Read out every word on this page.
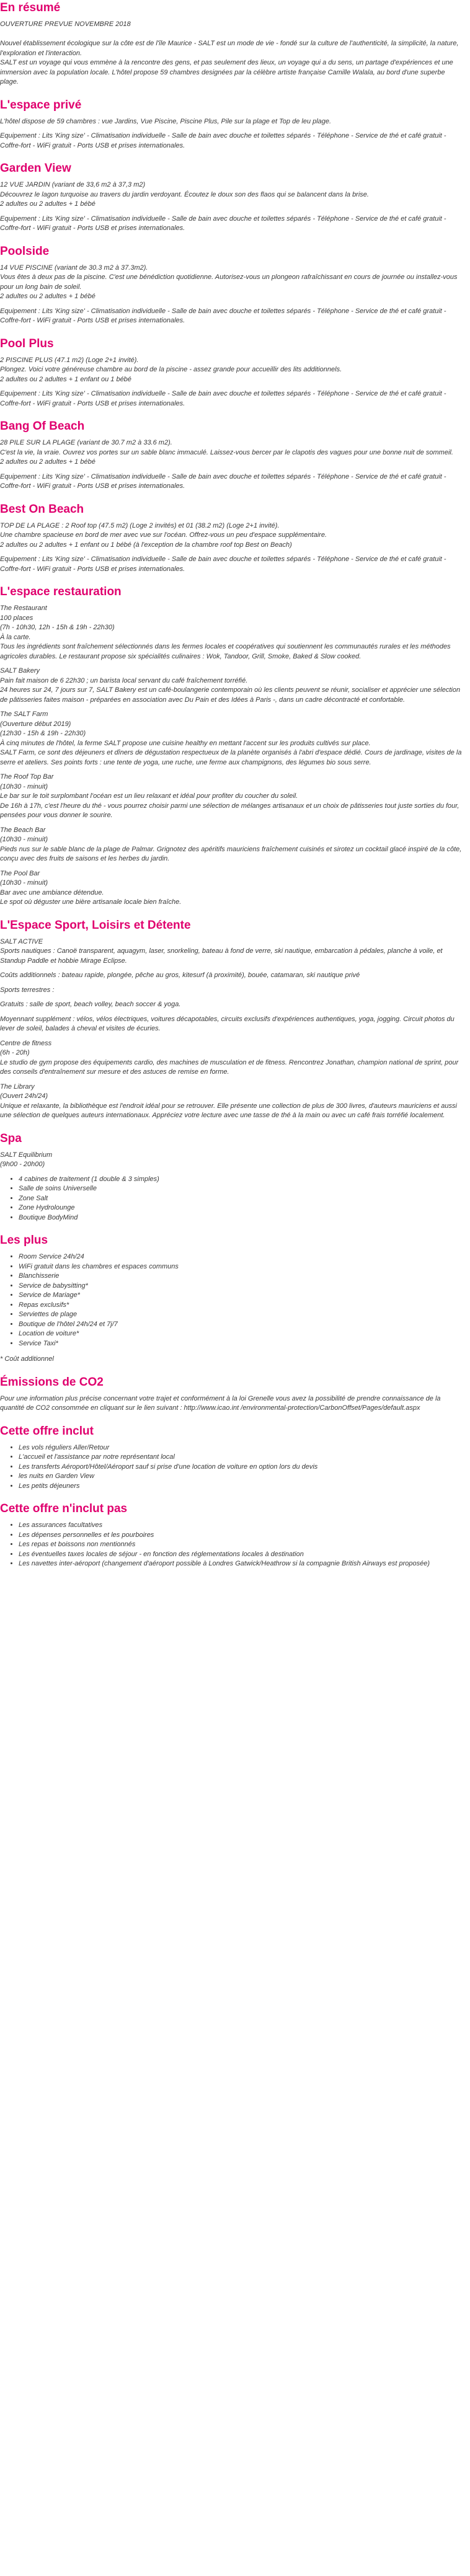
En résumé
OUVERTURE PREVUE NOVEMBRE 2018

Nouvel établissement écologique sur la côte est de l'île Maurice - SALT est un mode de vie - fondé sur la culture de l'authenticité, la simplicité, la nature, l'exploration et l'interaction.
SALT est un voyage qui vous emmène à la rencontre des gens, et pas seulement des lieux, un voyage qui a du sens, un partage d'expériences et une immersion avec la population locale. L'hôtel propose 59 chambres designées par la célèbre artiste française Camille Walala, au bord d'une superbe plage.
L'espace privé

L'hôtel dispose de 59 chambres : vue Jardins, Vue Piscine, Piscine Plus, Pile sur la plage et Top de leu plage.

Equipement : Lits 'King size' - Climatisation individuelle - Salle de bain avec douche et toilettes séparés - Téléphone - Service de thé et café gratuit - Coffre-fort - WiFi gratuit - Ports USB et prises internationales.

Garden View
12 VUE JARDIN (variant de 33,6 m2 à 37,3 m2)
Découvrez le lagon turquoise au travers du jardin verdoyant. Écoutez le doux son des flaos qui se balancent dans la brise.
2 adultes ou 2 adultes + 1 bébé

Equipement : Lits 'King size' - Climatisation individuelle - Salle de bain avec douche et toilettes séparés - Téléphone - Service de thé et café gratuit - Coffre-fort - WiFi gratuit - Ports USB et prises internationales.

Poolside
14 VUE PISCINE (variant de 30.3 m2 à 37.3m2).
Vous êtes à deux pas de la piscine. C'est une bénédiction quotidienne. Autorisez-vous un plongeon rafraîchissant en cours de journée ou installez-vous pour un long bain de soleil.
2 adultes ou 2 adultes + 1 bébé

Equipement : Lits 'King size' - Climatisation individuelle - Salle de bain avec douche et toilettes séparés - Téléphone - Service de thé et café gratuit - Coffre-fort - WiFi gratuit - Ports USB et prises internationales.

Pool Plus
2 PISCINE PLUS (47.1 m2) (Loge 2+1 invité).
Plongez. Voici votre généreuse chambre au bord de la piscine - assez grande pour accueillir des lits additionnels.
2 adultes ou 2 adultes + 1 enfant ou 1 bébé

Equipement : Lits 'King size' - Climatisation individuelle - Salle de bain avec douche et toilettes séparés - Téléphone - Service de thé et café gratuit - Coffre-fort - WiFi gratuit - Ports USB et prises internationales.

Bang Of Beach
28 PILE SUR LA PLAGE (variant de 30.7 m2 à 33.6 m2).
C'est la vie, la vraie. Ouvrez vos portes sur un sable blanc immaculé. Laissez-vous bercer par le clapotis des vagues pour une bonne nuit de sommeil.
2 adultes ou 2 adultes + 1 bébé

Equipement : Lits 'King size' - Climatisation individuelle - Salle de bain avec douche et toilettes séparés - Téléphone - Service de thé et café gratuit - Coffre-fort - WiFi gratuit - Ports USB et prises internationales.

Best On Beach
TOP DE LA PLAGE : 2 Roof top (47.5 m2) (Loge 2 invités) et 01 (38.2 m2) (Loge 2+1 invité).
Une chambre spacieuse en bord de mer avec vue sur l'océan. Offrez-vous un peu d'espace supplémentaire.
2 adultes ou 2 adultes + 1 enfant ou 1 bébé (à l'exception de la chambre roof top Best on Beach)

Equipement : Lits 'King size' - Climatisation individuelle - Salle de bain avec douche et toilettes séparés - Téléphone - Service de thé et café gratuit - Coffre-fort - WiFi gratuit - Ports USB et prises internationales.

L'espace restauration
The Restaurant
100 places
(7h - 10h30, 12h - 15h & 19h - 22h30)
À la carte.
Tous les ingrédients sont fraîchement sélectionnés dans les fermes locales et coopératives qui soutiennent les communautés rurales et les méthodes agricoles durables. Le restaurant propose six spécialités culinaires : Wok, Tandoor, Grill, Smoke, Baked & Slow cooked.
SALT Bakery
Pain fait maison de 6 22h30 ; un barista local servant du café fraîchement torréfié.
24 heures sur 24, 7 jours sur 7, SALT Bakery est un café-boulangerie contemporain où les clients peuvent se réunir, socialiser et apprécier une sélection de pâtisseries faites maison - préparées en association avec Du Pain et des Idées à Paris -, dans un cadre décontracté et confortable.
The SALT Farm
(Ouverture début 2019)
(12h30 - 15h & 19h - 22h30)
À cinq minutes de l'hôtel, la ferme SALT propose une cuisine healthy en mettant l'accent sur les produits cultivés sur place.
SALT Farm, ce sont des déjeuners et dîners de dégustation respectueux de la planète organisés à l'abri d'espace dédié. Cours de jardinage, visites de la serre et ateliers. Ses points forts : une tente de yoga, une ruche, une ferme aux champignons, des légumes bio sous serre.
The Roof Top Bar
(10h30 - minuit)
Le bar sur le toit surplombant l'océan est un lieu relaxant et idéal pour profiter du coucher du soleil.
De 16h à 17h, c'est l'heure du thé - vous pourrez choisir parmi une sélection de mélanges artisanaux et un choix de pâtisseries tout juste sorties du four, pensées pour vous donner le sourire.
The Beach Bar
(10h30 - minuit)
Pieds nus sur le sable blanc de la plage de Palmar. Grignotez des apéritifs mauriciens fraîchement cuisinés et sirotez un cocktail glacé inspiré de la côte, conçu avec des fruits de saisons et les herbes du jardin.
The Pool Bar
(10h30 - minuit)
Bar avec une ambiance détendue.
Le spot où déguster une bière artisanale locale bien fraîche.
L'Espace Sport, Loisirs et Détente
SALT ACTIVE
Sports nautiques : Canoë transparent, aquagym, laser, snorkeling, bateau à fond de verre, ski nautique, embarcation à pédales, planche à voile, et Standup Paddle et hobbie Mirage Eclipse.
Coûts additionnels : bateau rapide, plongée, pêche au gros, kitesurf (à proximité), bouée, catamaran, ski nautique privé
Sports terrestres :
Gratuits : salle de sport, beach volley, beach soccer & yoga.
Moyennant supplément : vélos, vélos électriques, voitures décapotables, circuits exclusifs d'expériences authentiques, yoga, jogging. Circuit photos du lever de soleil, balades à cheval et visites de écuries.
Centre de fitness
(6h - 20h)
Le studio de gym propose des équipements cardio, des machines de musculation et de fitness. Rencontrez Jonathan, champion national de sprint, pour des conseils d'entraînement sur mesure et des astuces de remise en forme.
The Library
(Ouvert 24h/24)
Unique et relaxante, la bibliothèque est l'endroit idéal pour se retrouver. Elle présente une collection de plus de 300 livres, d'auteurs mauriciens et aussi une sélection de quelques auteurs internationaux. Appréciez votre lecture avec une tasse de thé à la main ou avec un café frais torréfié localement.
Spa
SALT Equilibrium
(9h00 - 20h00)
• 4 cabines de traitement (1 double & 3 simples)
• Salle de soins Universelle
• Zone Salt
• Zone Hydrolounge
• Boutique BodyMind
Les plus
• Room Service 24h/24
• WiFi gratuit dans les chambres et espaces communs
• Blanchisserie
• Service de babysitting*
• Service de Mariage*
• Repas exclusifs*
• Serviettes de plage
• Boutique de l'hôtel 24h/24 et 7j/7
• Location de voiture*
• Service Taxi*

* Coût additionnel

Émissions de CO2

Pour une information plus précise concernant votre trajet et conformément à la loi Grenelle vous avez la possibilité de prendre connaissance de la quantité de CO2 consommée en cliquant sur le lien suivant : http://www.icao.int /environmental-protection/CarbonOffset/Pages/default.aspx

Cette offre inclut
• Les vols réguliers Aller/Retour
• L'accueil et l'assistance par notre représentant local
• Les transferts Aéroport/Hôtel/Aéroport sauf si prise d'une location de voiture en option lors du devis
• les nuits en Garden View
• Les petits déjeuners
Cette offre n'inclut pas
• Les assurances facultatives
• Les dépenses personnelles et les pourboires
• Les repas et boissons non mentionnés
• Les éventuelles taxes locales de séjour - en fonction des réglementations locales à destination
• Les navettes inter-aéroport (changement d'aéroport possible à Londres Gatwick/Heathrow si la compagnie British Airways est proposée)
